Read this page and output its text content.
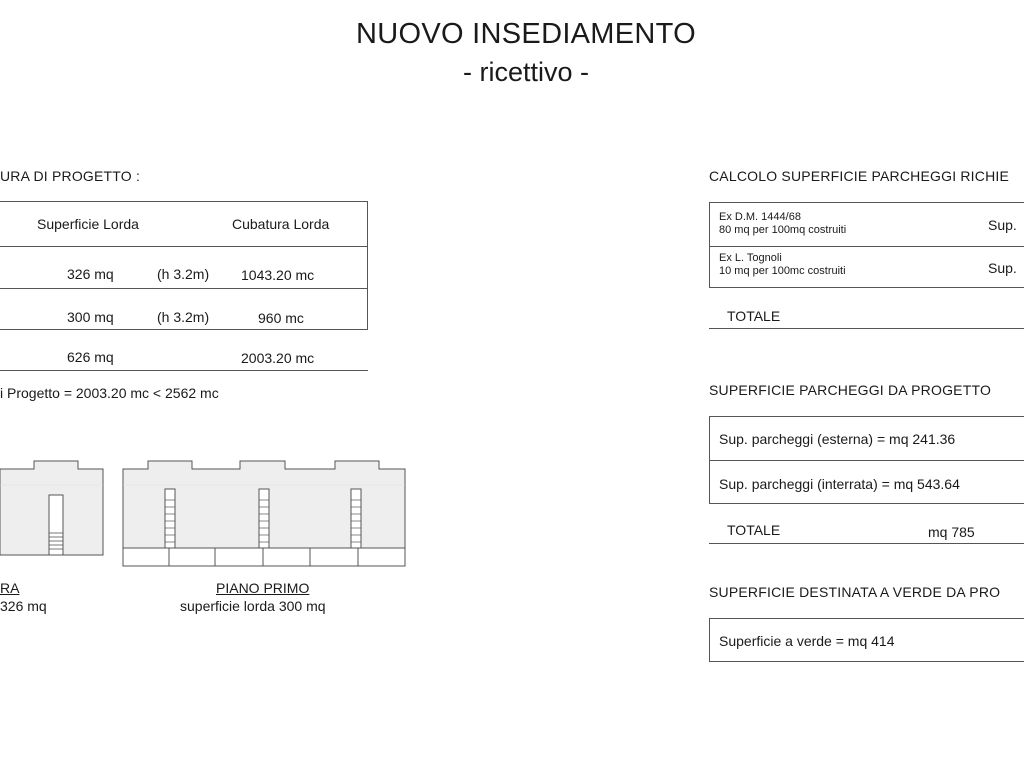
NUOVO INSEDIAMENTO
- ricettivo -
URA DI PROGETTO :
Superficie Lorda	Cubatura Lorda
326 mq	(h 3.2m) 1043.20 mc
300 mq	(h 3.2m)	960 mc
626 mq	2003.20 mc
i Progetto = 2003.20 mc < 2562 mc
RA
326 mq
PIANO PRIMO
superficie lorda 300 mq
CALCOLO SUPERFICIE PARCHEGGI RICHIE
Ex D.M. 1444/68
80 mq per 100mq costruiti	Sup.
Ex L. Tognoli
10 mq per 100mc costruiti	Sup.
TOTALE
SUPERFICIE PARCHEGGI DA PROGETTO
Sup. parcheggi (esterna) = mq 241.36
Sup. parcheggi (interrata) = mq 543.64
TOTALE	mq 785
SUPERFICIE DESTINATA A VERDE DA PRO
Superficie a verde = mq 414
